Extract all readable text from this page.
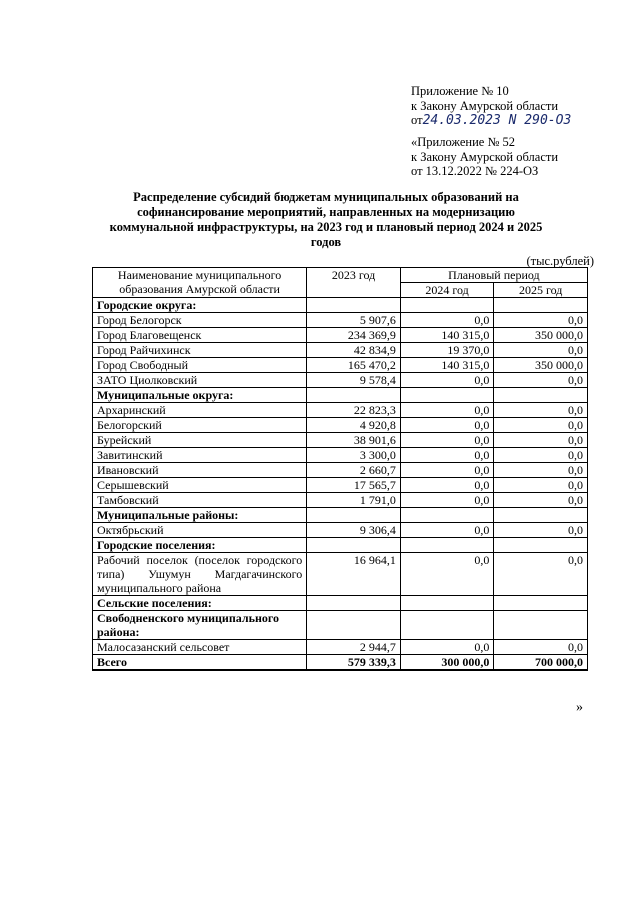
Приложение № 10
к Закону Амурской области
от24.03.2023 N 290-ОЗ
«Приложение № 52
к Закону Амурской области
от 13.12.2022 № 224-ОЗ
Распределение субсидий бюджетам муниципальных образований на софинансирование мероприятий, направленных на модернизацию коммунальной инфраструктуры, на 2023 год и плановый период 2024 и 2025 годов
(тыс.рублей)
Наименование муниципального образования Амурской области	2023 год	Плановый период	
		2024 год	2025 год
Городские округа:			
Город Белогорск	5 907,6	0,0	0,0
Город Благовещенск	234 369,9	140 315,0	350 000,0
Город Райчихинск	42 834,9	19 370,0	0,0
Город Свободный	165 470,2	140 315,0	350 000,0
ЗАТО Циолковский	9 578,4	0,0	0,0
Муниципальные округа:			
Архаринский	22 823,3	0,0	0,0
Белогорский	4 920,8	0,0	0,0
Бурейский	38 901,6	0,0	0,0
Завитинский	3 300,0	0,0	0,0
Ивановский	2 660,7	0,0	0,0
Серышевский	17 565,7	0,0	0,0
Тамбовский	1 791,0	0,0	0,0
Муниципальные районы:			
Октябрьский	9 306,4	0,0	0,0
Городские поселения:			
Рабочий поселок (поселок городского типа) Ушумун Магдагачинского муниципального района	16 964,1	0,0	0,0
Сельские поселения:			
Свободненского муниципального района:			
Малосазанский сельсовет	2 944,7	0,0	0,0
Всего	579 339,3	300 000,0	700 000,0
»
